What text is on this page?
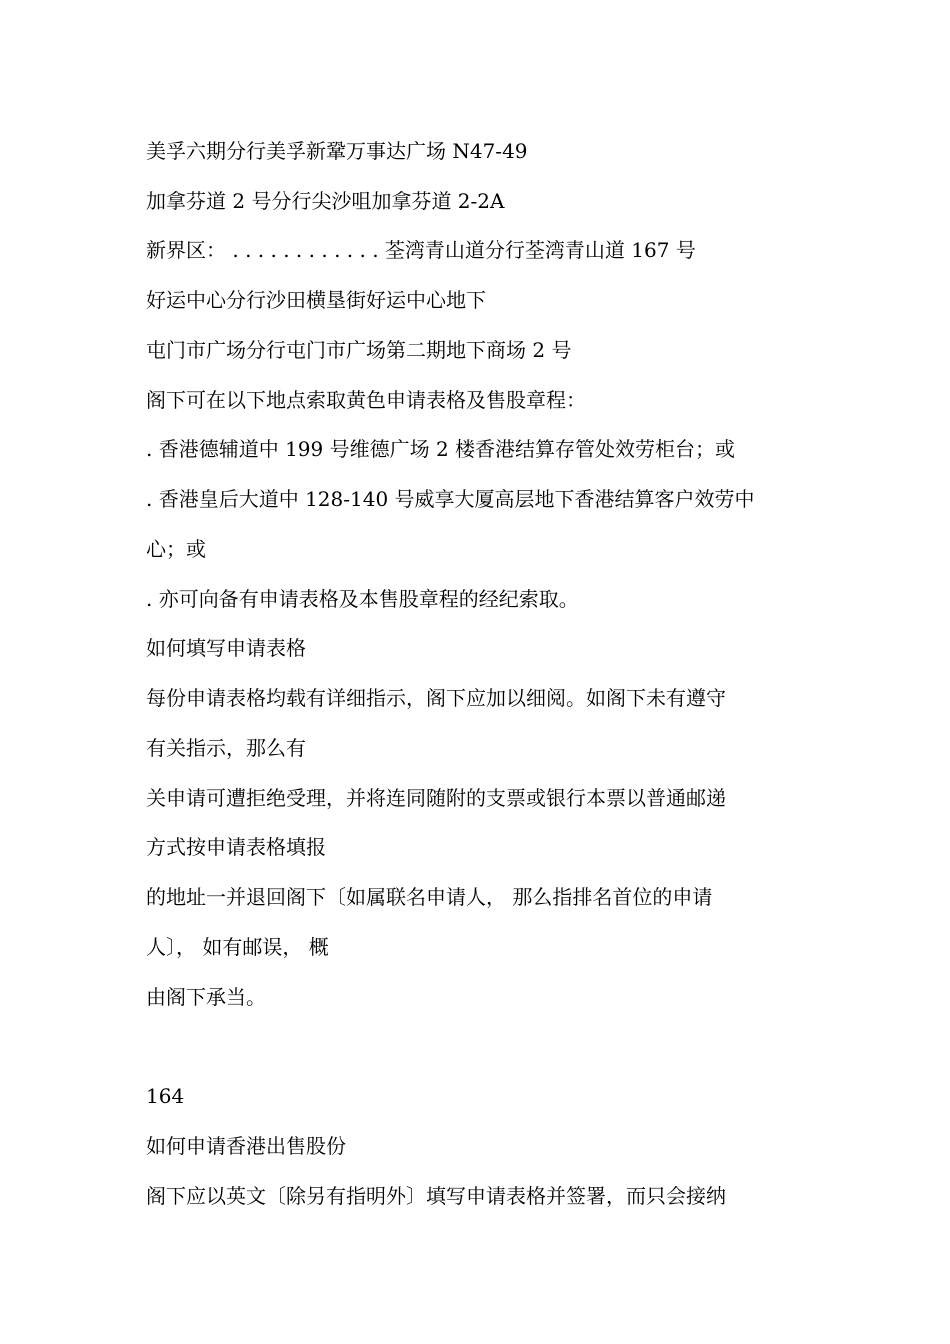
美孚六期分行美孚新鞏万事达广场 N47-49
加拿芬道 2 号分行尖沙咀加拿芬道 2-2A
新界区： . . . . . . . . . . . . 荃湾青山道分行荃湾青山道 167 号
好运中心分行沙田横垦街好运中心地下
屯门市广场分行屯门市广场第二期地下商场 2 号
阁下可在以下地点索取黄色申请表格及售股章程：
. 香港德辅道中 199 号维德广场 2 楼香港结算存管处效劳柜台；或
. 香港皇后大道中 128-140 号威享大厦高层地下香港结算客户效劳中
心；或
. 亦可向备有申请表格及本售股章程的经纪索取。
如何填写申请表格
每份申请表格均载有详细指示，阁下应加以细阅。如阁下未有遵守
有关指示，那么有
关申请可遭拒绝受理，并将连同随附的支票或银行本票以普通邮递
方式按申请表格填报
的地址一并退回阁下〔如属联名申请人， 那么指排名首位的申请
人〕， 如有邮误， 概
由阁下承当。
164
如何申请香港出售股份
阁下应以英文〔除另有指明外〕填写申请表格并签署，而只会接纳
